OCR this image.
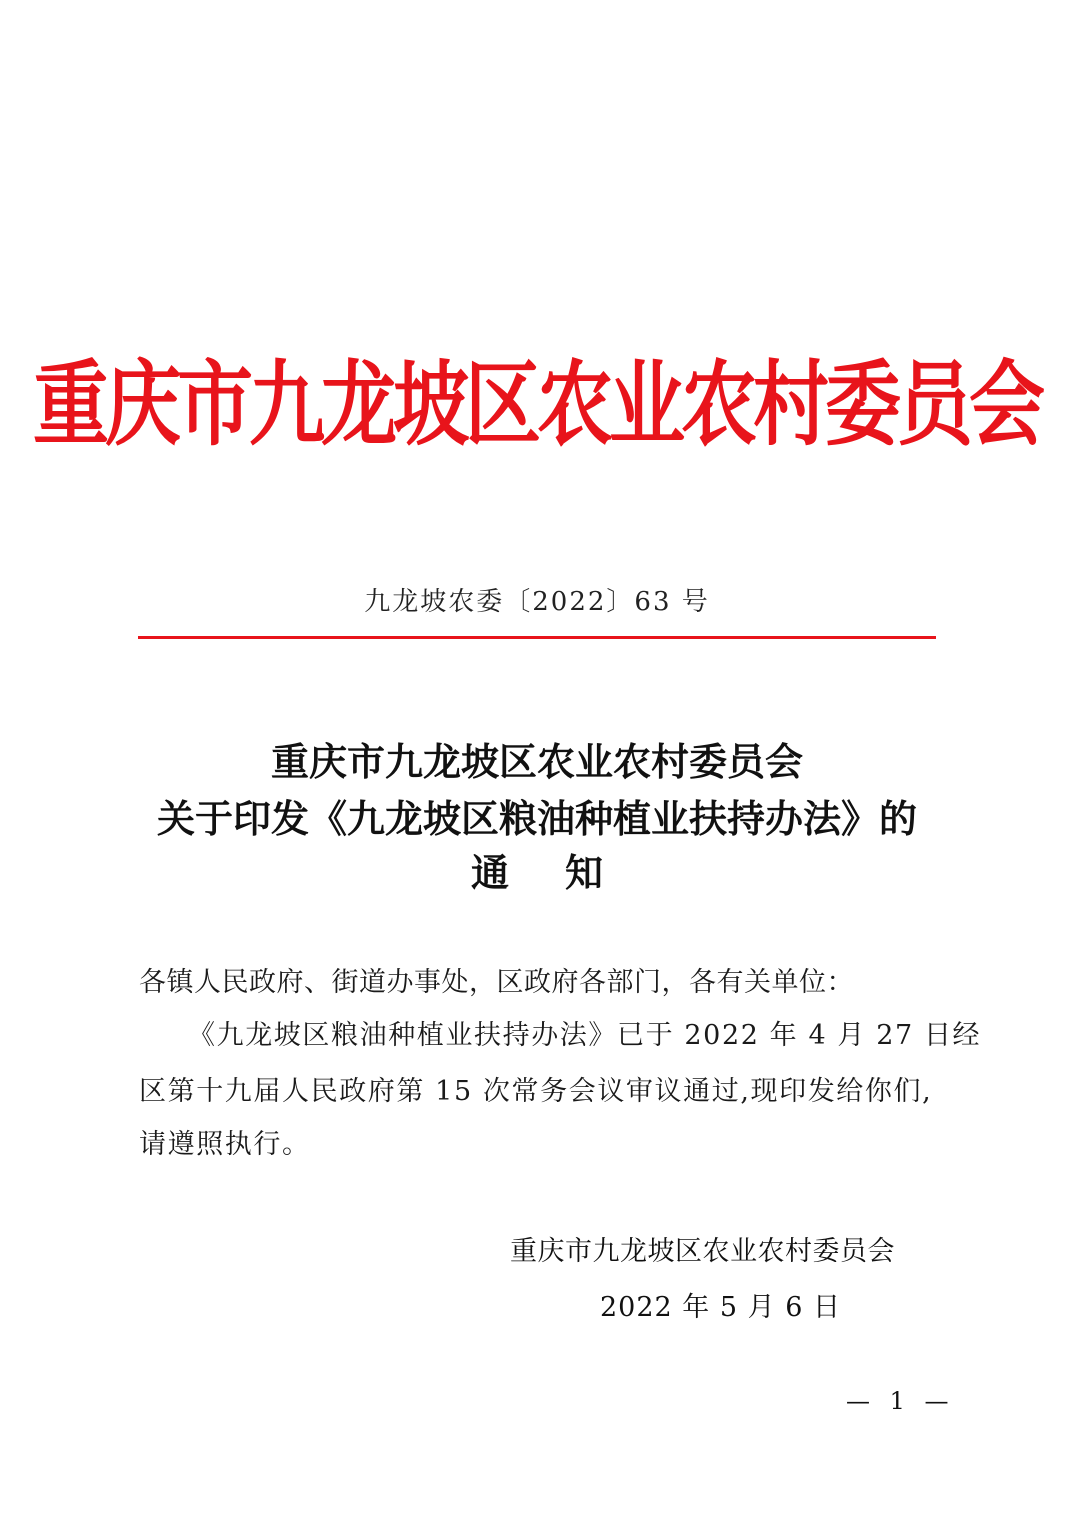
重庆市九龙坡区农业农村委员会
九龙坡农委〔2022〕63 号
重庆市九龙坡区农业农村委员会
关于印发《九龙坡区粮油种植业扶持办法》的
通知
各镇人民政府、街道办事处，区政府各部门，各有关单位：
《九龙坡区粮油种植业扶持办法》已于 2022 年 4 月 27 日经
区第十九届人民政府第 15 次常务会议审议通过,现印发给你们,
请遵照执行。
重庆市九龙坡区农业农村委员会
2022 年 5 月 6 日
— 1 —
